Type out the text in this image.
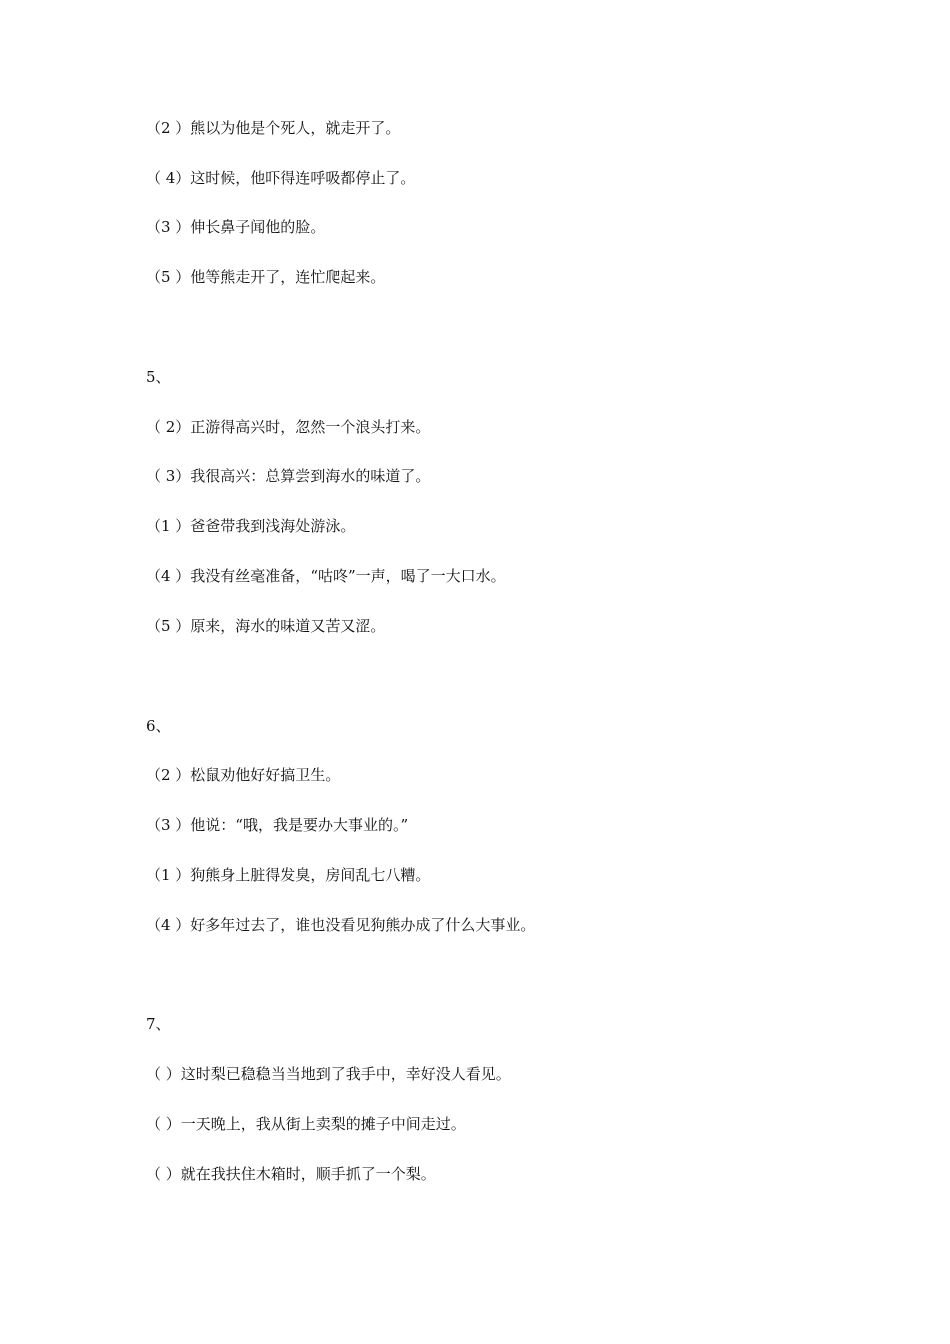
（2 ）熊以为他是个死人，就走开了。
（ 4）这时候，他吓得连呼吸都停止了。
（3 ）伸长鼻子闻他的脸。
（5 ）他等熊走开了，连忙爬起来。
5、
（ 2）正游得高兴时，忽然一个浪头打来。
（ 3）我很高兴：总算尝到海水的味道了。
（1 ）爸爸带我到浅海处游泳。
（4 ）我没有丝毫准备，“咕咚”一声，喝了一大口水。
（5 ）原来，海水的味道又苦又涩。
6、
（2 ）松鼠劝他好好搞卫生。
（3 ）他说：“哦，我是要办大事业的。”
（1 ）狗熊身上脏得发臭，房间乱七八糟。
（4 ）好多年过去了，谁也没看见狗熊办成了什么大事业。
7、
（ ）这时梨已稳稳当当地到了我手中，幸好没人看见。
（ ）一天晚上，我从街上卖梨的摊子中间走过。
（ ）就在我扶住木箱时，顺手抓了一个梨。
